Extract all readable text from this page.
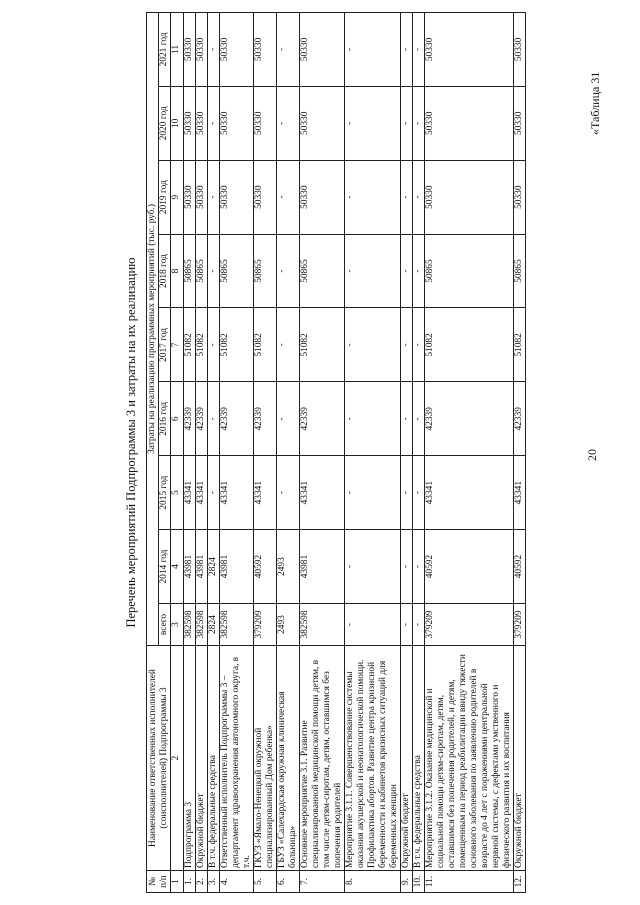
20
«Таблица 31
Перечень мероприятий Подпрограммы 3 и затраты на их реализацию
№ п/п	Наименование ответственных исполнителей (соисполнителей) Подпрограммы 3	Затраты на реализацию программных мероприятий (тыс. руб.)								
		всего	2014 год	2015 год	2016 год	2017 год	2018 год	2019 год	2020 год	2021 год
1	2	3	4	5	6	7	8	9	10	11
1.	Подпрограмма 3	382598	43981	43341	42339	51082	50865	50330	50330	50330
2.	Окружной бюджет	382598	43981	43341	42339	51082	50865	50330	50330	50330
3.	В т.ч. федеральные средства	2824	2824	-	-	-	-	-	-	-
4.	Ответственный исполнитель Подпрограммы 3 – департамент здравоохранения автономного округа, в т.ч.	382598	43981	43341	42339	51082	50865	50330	50330	50330
5.	ГКУЗ «Ямало-Ненецкий окружной специализированный Дом ребенка»	379209	40592	43341	42339	51082	50865	50330	50330	50330
6.	ГБУЗ «Салехардская окружная клиническая больница»	2493	2493	-	-	-	-	-	-	-
7.	Основное мероприятие 3.1. Развитие специализированной медицинской помощи детям, в том числе детям-сиротам, детям, оставшимся без попечения родителей	382598	43981	43341	42339	51082	50865	50330	50330	50330
8.	Мероприятие 3.1.1. Совершенствование системы оказания акушерской и неонатологической помощи. Профилактика абортов. Развитие центра кризисной беременности и кабинетов кризисных ситуаций для беременных женщин	-	-	-	-	-	-	-	-	-
9.	Окружной бюджет	-	-	-	-	-	-	-	-	-
10.	В т.ч. федеральные средства	-	-	-	-	-	-	-	-	-
11.	Мероприятие 3.1.2. Оказание медицинской и социальной помощи детям-сиротам, детям, оставшимся без попечения родителей, и детям, помещенным на период реабилитации ввиду тяжести основного заболевания по заявлению родителей в возрасте до 4 лет с поражениями центральной нервной системы, с дефектами умственного и физического развития и их воспитания	379209	40592	43341	42339	51082	50865	50330	50330	50330
12.	Окружной бюджет	379209	40592	43341	42339	51082	50865	50330	50330	50330
